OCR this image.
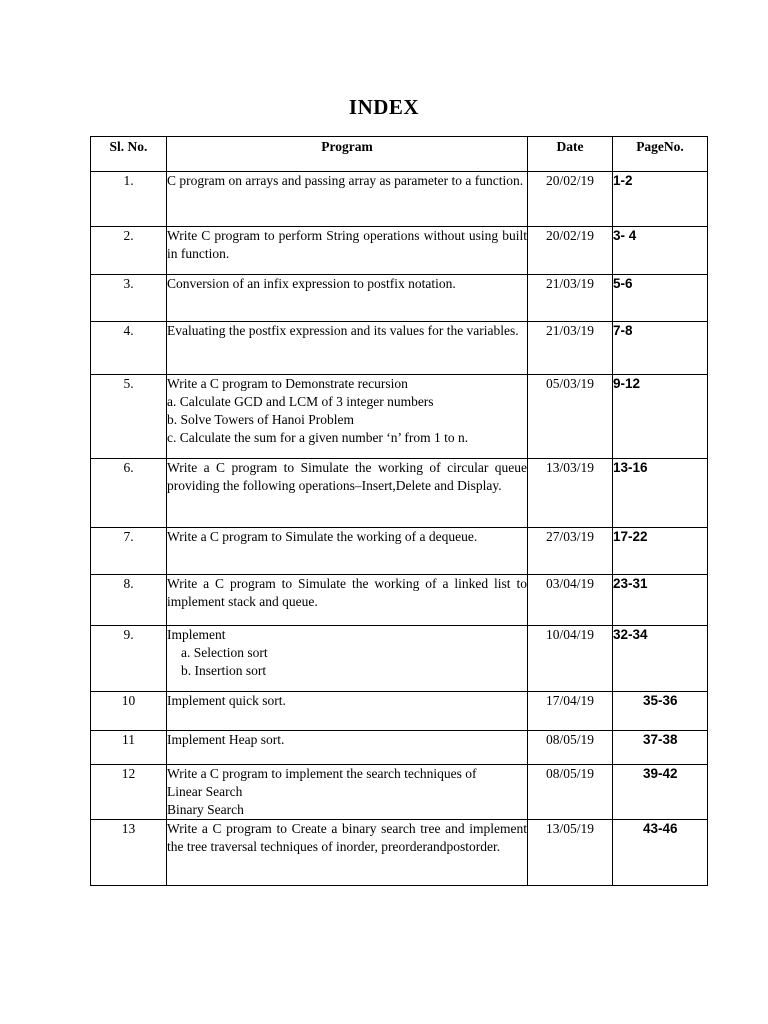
INDEX
Sl. No.	Program	Date	PageNo.
1.	C program on arrays and passing array as parameter to a function.	20/02/19	1-2
2.	Write C program to perform String operations without using built in function.	20/02/19	3- 4
3.	Conversion of an infix expression to postfix notation.	21/03/19	5-6
4.	Evaluating the postfix expression and its values for the variables.	21/03/19	7-8
5.	Write a C program to Demonstrate recursion
a. Calculate GCD and LCM of 3 integer numbers
b. Solve Towers of Hanoi Problem
c. Calculate the sum for a given number ‘n’ from 1 to n.	05/03/19	9-12
6.	Write a C program to Simulate the working of circular queue providing the following operations–Insert,Delete and Display.	13/03/19	13-16
7.	Write a C program to Simulate the working of a dequeue.	27/03/19	17-22
8.	Write a C program to Simulate the working of a linked list to implement stack and queue.	03/04/19	23-31
9.	Implement
a. Selection sort
b. Insertion sort	10/04/19	32-34
10	Implement quick sort.	17/04/19	35-36
11	Implement Heap sort.	08/05/19	37-38
12	Write a C program to implement the search techniques of
Linear Search
Binary Search	08/05/19	39-42
13	Write a C program to Create a binary search tree and implement the tree traversal techniques of inorder, preorderandpostorder.	13/05/19	43-46
